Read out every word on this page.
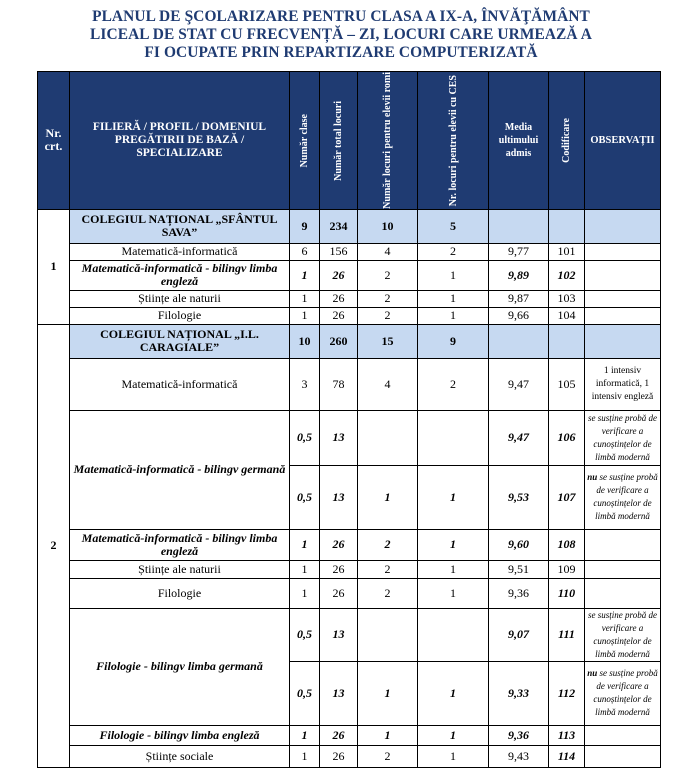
PLANUL DE ŞCOLARIZARE PENTRU CLASA A IX-A, ÎNVĂŢĂMÂNT
LICEAL DE STAT CU FRECVENȚĂ – ZI, LOCURI CARE URMEAZĂ A
FI OCUPATE PRIN REPARTIZARE COMPUTERIZATĂ
Nr. crt.	FILIERĂ / PROFIL / DOMENIUL PREGĂTIRII DE BAZĂ / SPECIALIZARE	Număr clase	Număr total locuri	Număr locuri pentru elevii romi	Nr. locuri pentru elevii cu CES	Media ultimului admis	Codificare	OBSERVAȚII
1	COLEGIUL NAȚIONAL „SFÂNTUL SAVA”	9	234	10	5			
	Matematică-informatică	6	156	4	2	9,77	101	
	Matematică-informatică - bilingv limba engleză	1	26	2	1	9,89	102	
	Științe ale naturii	1	26	2	1	9,87	103	
	Filologie	1	26	2	1	9,66	104	
2	COLEGIUL NAȚIONAL „I.L. CARAGIALE”	10	260	15	9			
	Matematică-informatică	3	78	4	2	9,47	105	1 intensiv informatică, 1 intensiv engleză
	Matematică-informatică - bilingv germană	0,5	13			9,47	106	se susține probă de verificare a cunoștințelor de limbă modernă
		0,5	13	1	1	9,53	107	nu se susține probă de verificare a cunoștințelor de limbă modernă
	Matematică-informatică - bilingv limba engleză	1	26	2	1	9,60	108	
	Științe ale naturii	1	26	2	1	9,51	109	
	Filologie	1	26	2	1	9,36	110	
	Filologie - bilingv limba germană	0,5	13			9,07	111	se susține probă de verificare a cunoștințelor de limbă modernă
		0,5	13	1	1	9,33	112	nu se susține probă de verificare a cunoștințelor de limbă modernă
	Filologie - bilingv limba engleză	1	26	1	1	9,36	113	
	Științe sociale	1	26	2	1	9,43	114	
